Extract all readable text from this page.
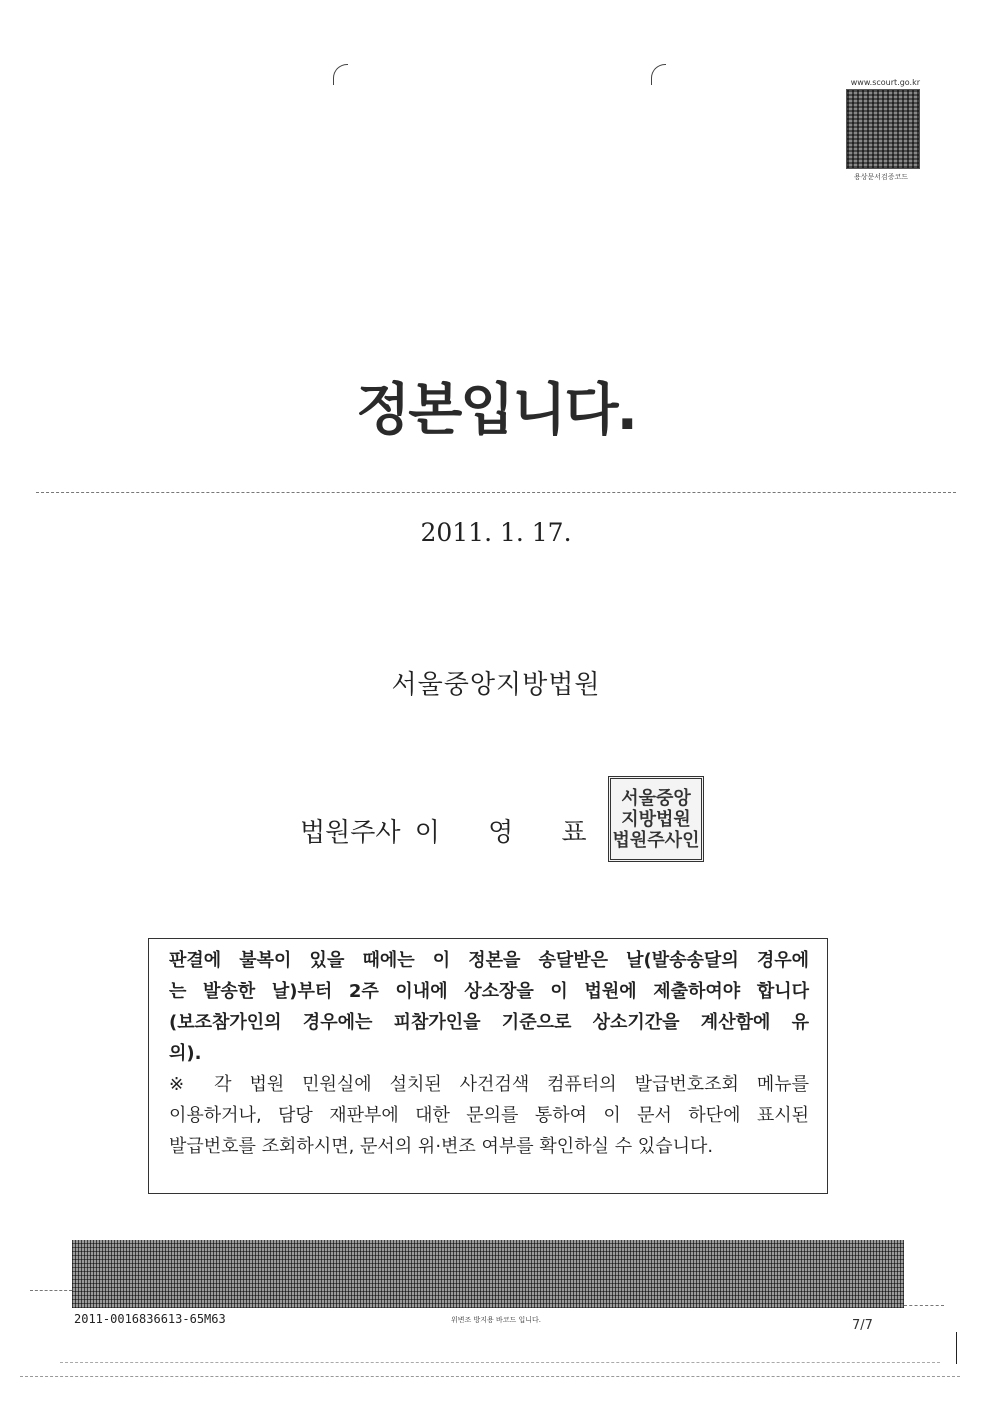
www.scourt.go.kr
용상문서검증코드
정본입니다.
2011. 1. 17.
서울중앙지방법원
법원주사 이 영 표
서울중앙
지방법원
법원주사인

판결에 불복이 있을 때에는 이 정본을 송달받은 날(발송송달의 경우에

는 발송한 날)부터 2주 이내에 상소장을 이 법원에 제출하여야 합니다

(보조참가인의 경우에는 피참가인을 기준으로 상소기간을 계산함에 유

의).

※ 각 법원 민원실에 설치된 사건검색 컴퓨터의 발급번호조회 메뉴를

이용하거나, 담당 재판부에 대한 문의를 통하여 이 문서 하단에 표시된

발급번호를 조회하시면, 문서의 위·변조 여부를 확인하실 수 있습니다.

2011-0016836613-65M63	위변조 방지용 바코드 입니다.	7/7
